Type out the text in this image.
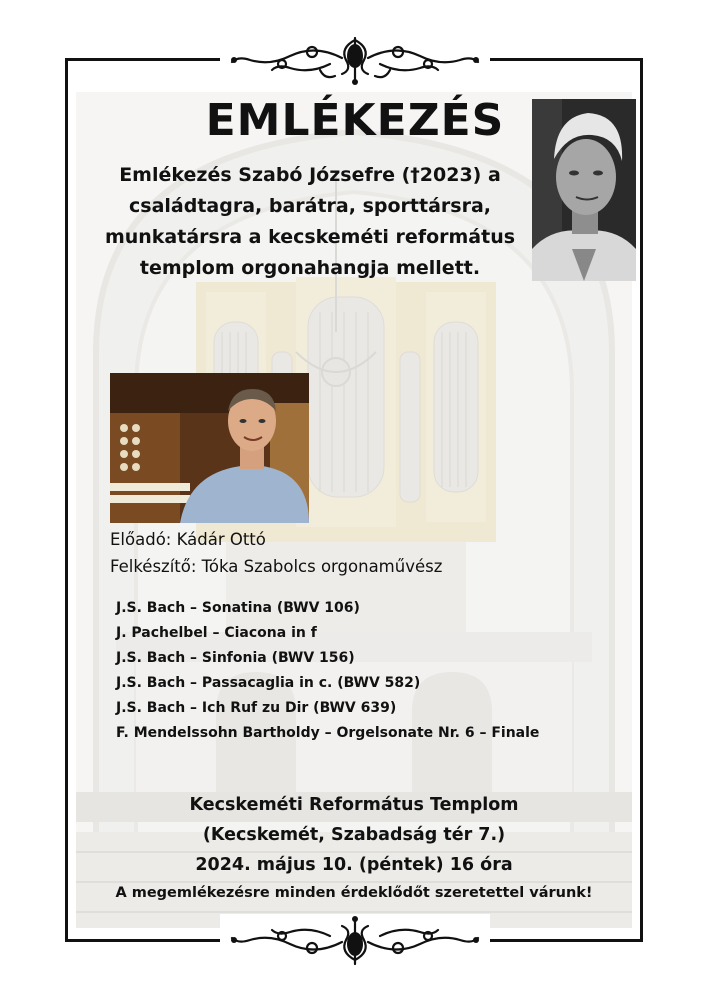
EMLÉKEZÉS
Emlékezés Szabó Józsefre (†2023) a
családtagra, barátra, sporttársra,
munkatársra a kecskeméti református
templom orgonahangja mellett.
Előadó: Kádár Ottó
Felkészítő: Tóka Szabolcs orgonaművész
J.S. Bach – Sonatina (BWV 106)
J. Pachelbel – Ciacona in f
J.S. Bach – Sinfonia (BWV 156)
J.S. Bach – Passacaglia in c. (BWV 582)
J.S. Bach – Ich Ruf zu Dir (BWV 639)
F. Mendelssohn Bartholdy – Orgelsonate Nr. 6 – Finale
Kecskeméti Református Templom
(Kecskemét, Szabadság tér 7.)
2024. május 10. (péntek) 16 óra
A megemlékezésre minden érdeklődőt szeretettel várunk!
